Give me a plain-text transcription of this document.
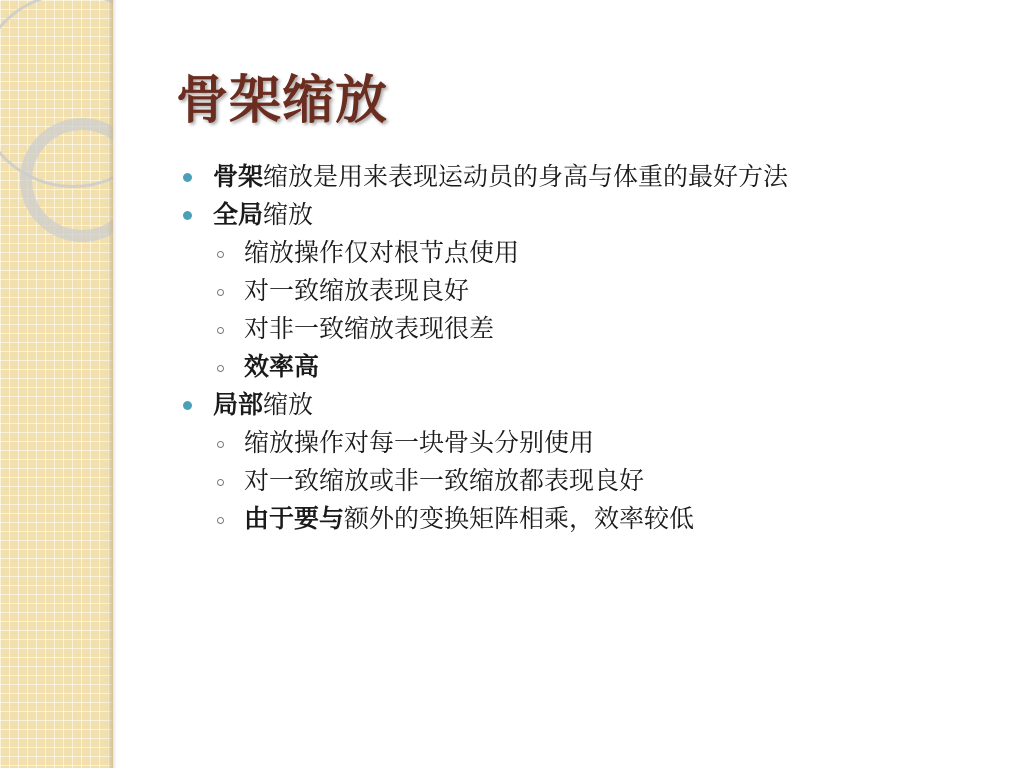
骨架缩放
骨架缩放是用来表现运动员的身高与体重的最好方法
全局缩放
缩放操作仅对根节点使用
对一致缩放表现良好
对非一致缩放表现很差
效率高
局部缩放
缩放操作对每一块骨头分别使用
对一致缩放或非一致缩放都表现良好
由于要与额外的变换矩阵相乘，效率较低
